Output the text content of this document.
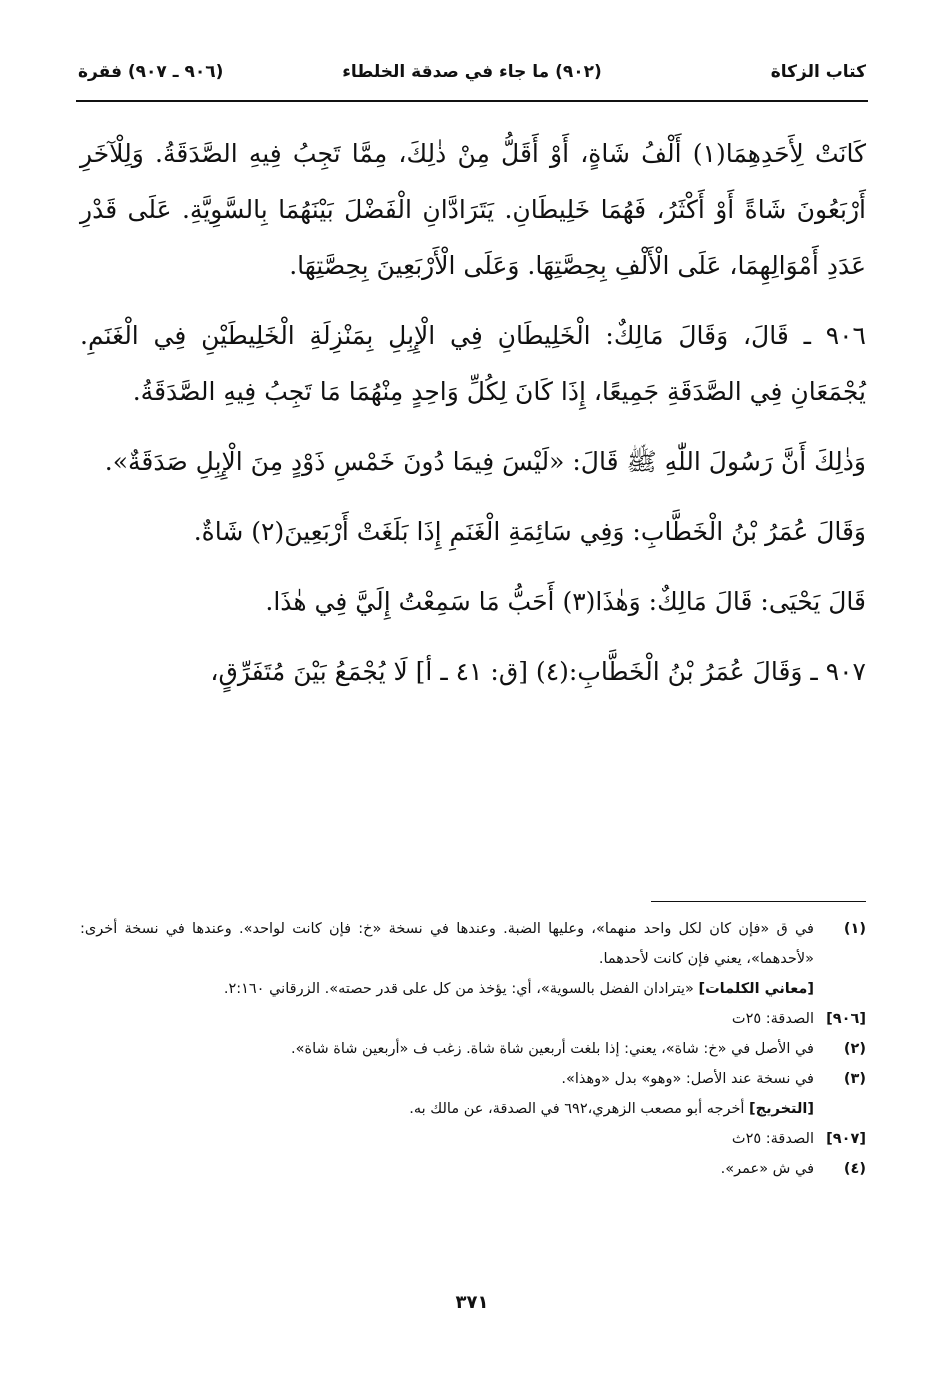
كتاب الزكاة
(٩٠٢) ما جاء في صدقة الخلطاء
(٩٠٦ ـ ٩٠٧) فقرة

كَانَتْ لِأَحَدِهِمَا(١) أَلْفُ شَاةٍ، أَوْ أَقَلُّ مِنْ ذٰلِكَ، مِمَّا تَجِبُ فِيهِ الصَّدَقَةُ. وَلِلْآخَرِ أَرْبَعُونَ شَاةً أَوْ أَكْثَرُ، فَهُمَا خَلِيطَانِ. يَتَرَادَّانِ الْفَضْلَ بَيْنَهُمَا بِالسَّوِيَّةِ. عَلَى قَدْرِ عَدَدِ أَمْوَالِهِمَا، عَلَى الْأَلْفِ بِحِصَّتِهَا. وَعَلَى الْأَرْبَعِينَ بِحِصَّتِهَا.

٩٠٦ ـ قَالَ، وَقَالَ مَالِكٌ: الْخَلِيطَانِ فِي الْإِبِلِ بِمَنْزِلَةِ الْخَلِيطَيْنِ فِي الْغَنَمِ. يُجْمَعَانِ فِي الصَّدَقَةِ جَمِيعًا، إِذَا كَانَ لِكُلِّ وَاحِدٍ مِنْهُمَا مَا تَجِبُ فِيهِ الصَّدَقَةُ.

وَذٰلِكَ أَنَّ رَسُولَ اللّٰهِ ﷺ قَالَ: «لَيْسَ فِيمَا دُونَ خَمْسِ ذَوْدٍ مِنَ الْإِبِلِ صَدَقَةٌ».

وَقَالَ عُمَرُ بْنُ الْخَطَّابِ: وَفِي سَائِمَةِ الْغَنَمِ إِذَا بَلَغَتْ أَرْبَعِينَ(٢) شَاةٌ.

قَالَ يَحْيَى: قَالَ مَالِكٌ: وَهٰذَا(٣) أَحَبُّ مَا سَمِعْتُ إِلَيَّ فِي هٰذَا.

٩٠٧ ـ وَقَالَ عُمَرُ بْنُ الْخَطَّابِ:(٤) [ق: ٤١ ـ أ] لَا يُجْمَعُ بَيْنَ مُتَفَرِّقٍ،

(١)
في ق «فإن كان لكل واحد منهما»، وعليها الضبة. وعندها في نسخة «خ: فإن كانت لواحد». وعندها في نسخة أخرى: «لأحدهما»، يعني فإن كانت لأحدهما.
[معاني الكلمات] «يترادان الفضل بالسوية»، أي: يؤخذ من كل على قدر حصته». الزرقاني ٢:١٦٠.
[٩٠٦]
الصدقة: ٢٥ت
(٢)
في الأصل في «خ: شاة»، يعني: إذا بلغت أربعين شاة شاة. زغب ف «أربعين شاة شاة».
(٣)
في نسخة عند الأصل: «وهو» بدل «وهذا».
[التخريج] أخرجه أبو مصعب الزهري،٦٩٢ في الصدقة، عن مالك به.
[٩٠٧]
الصدقة: ٢٥ث
(٤)
في ش «عمر».
٣٧١
